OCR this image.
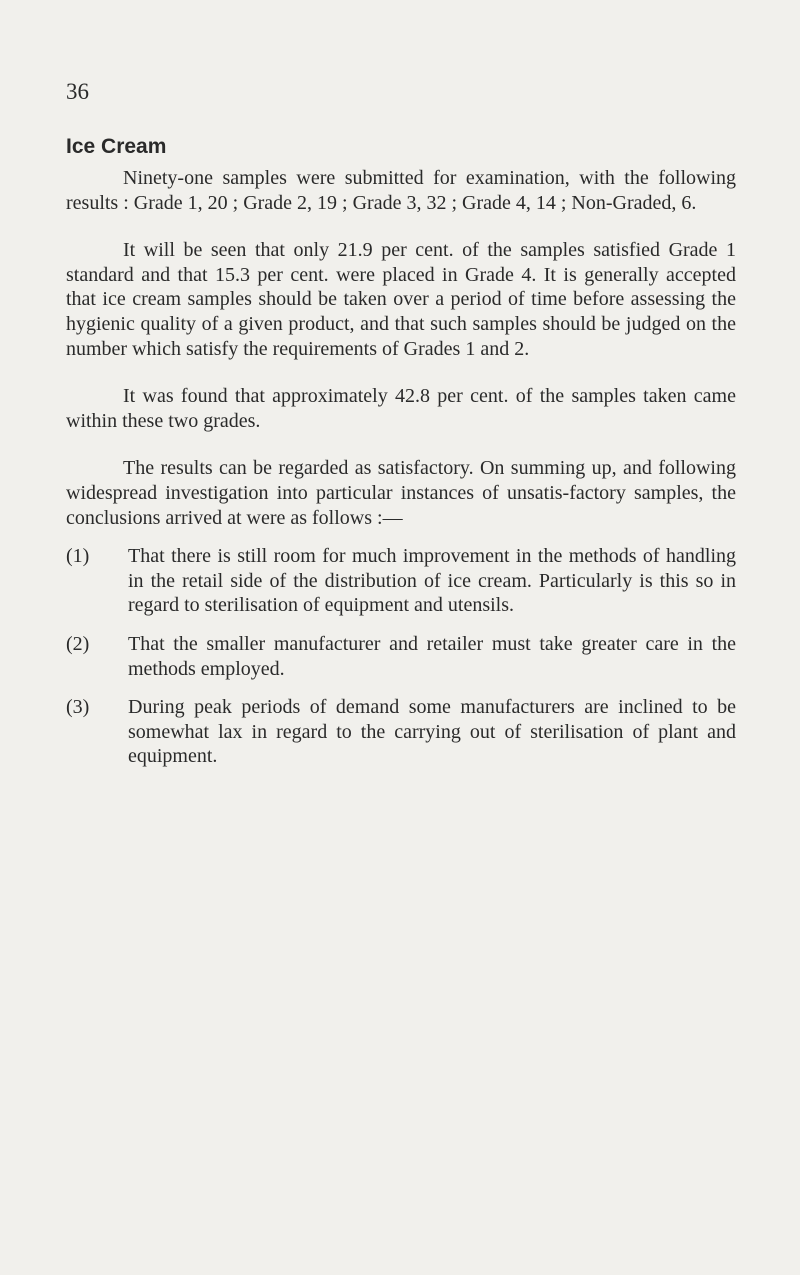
36
Ice Cream

Ninety-one samples were submitted for examination, with the following results : Grade 1, 20 ; Grade 2, 19 ; Grade 3, 32 ; Grade 4, 14 ; Non-Graded, 6.

It will be seen that only 21.9 per cent. of the samples satisfied Grade 1 standard and that 15.3 per cent. were placed in Grade 4. It is generally accepted that ice cream samples should be taken over a period of time before assessing the hygienic quality of a given product, and that such samples should be judged on the number which satisfy the requirements of Grades 1 and 2.

It was found that approximately 42.8 per cent. of the samples taken came within these two grades.

The results can be regarded as satisfactory. On summing up, and following widespread investigation into particular instances of unsatis-factory samples, the conclusions arrived at were as follows :—

(1) That there is still room for much improvement in the methods of handling in the retail side of the distribution of ice cream. Particularly is this so in regard to sterilisation of equipment and utensils.

(2) That the smaller manufacturer and retailer must take greater care in the methods employed.

(3) During peak periods of demand some manufacturers are inclined to be somewhat lax in regard to the carrying out of sterilisation of plant and equipment.
